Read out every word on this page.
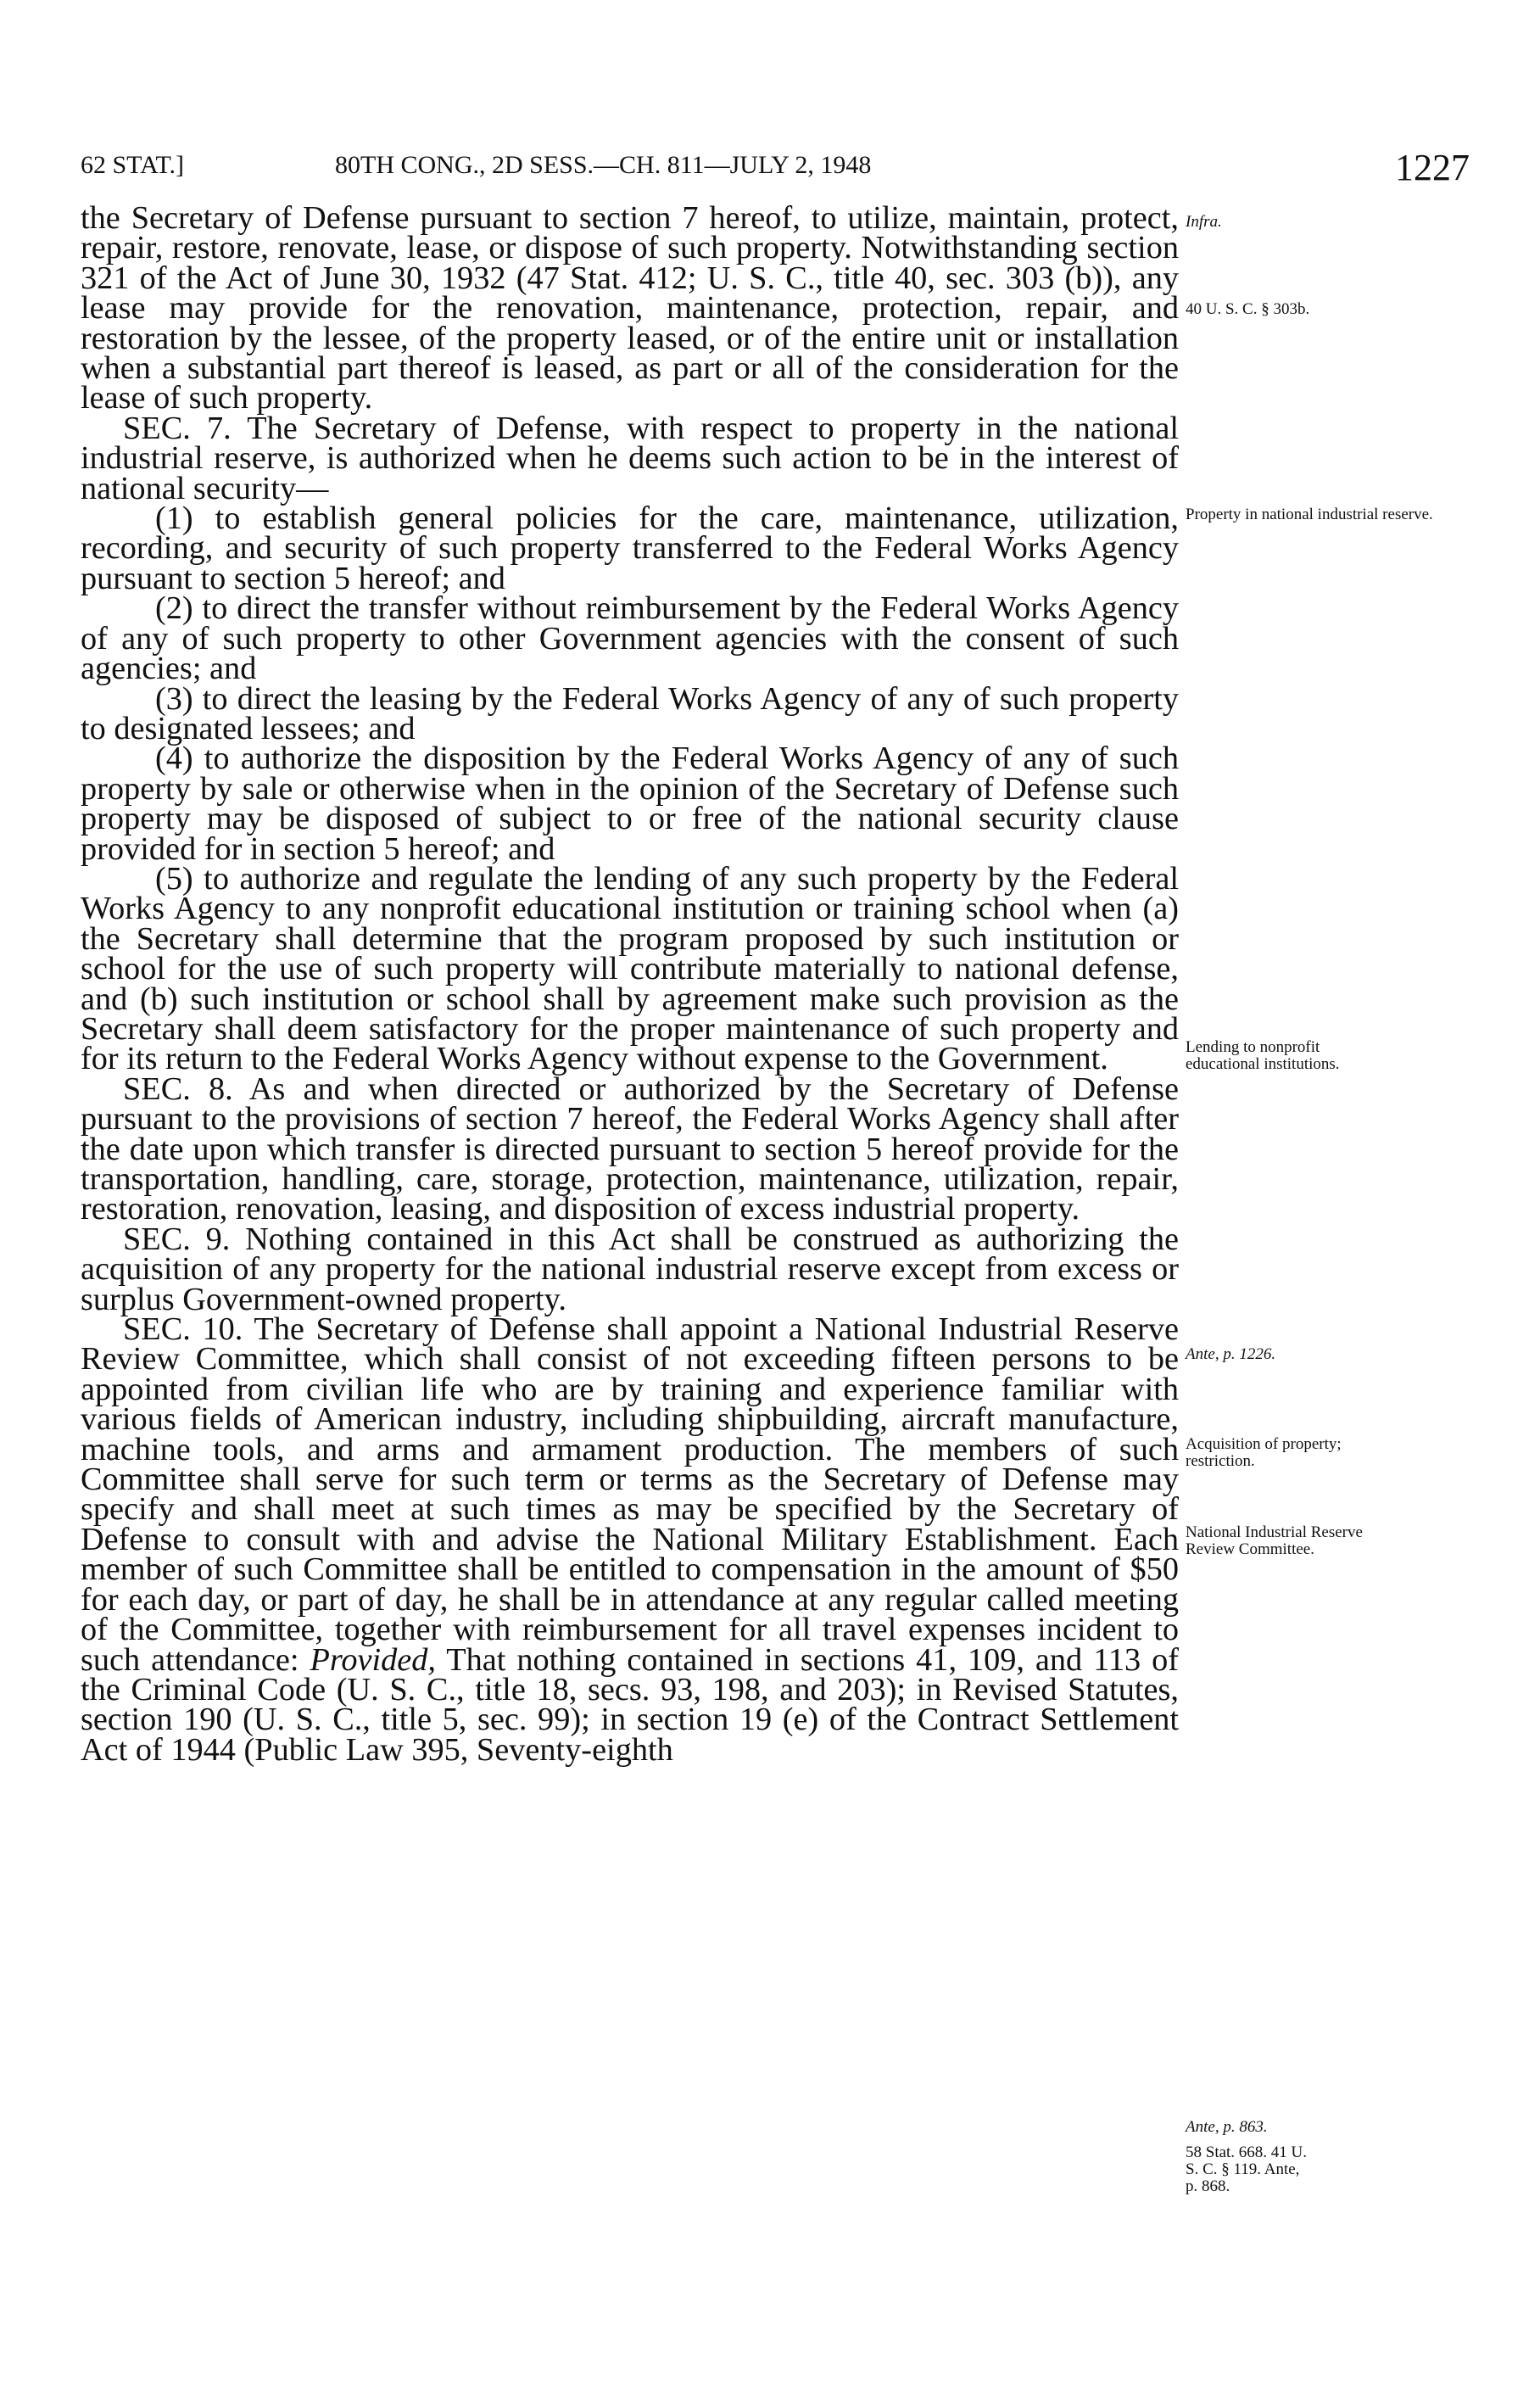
62 STAT.]	80TH CONG., 2D SESS.—CH. 811—JULY 2, 1948	1227

the Secretary of Defense pursuant to section 7 hereof, to utilize, maintain, protect, repair, restore, renovate, lease, or dispose of such property. Notwithstanding section 321 of the Act of June 30, 1932 (47 Stat. 412; U. S. C., title 40, sec. 303 (b)), any lease may provide for the renovation, maintenance, protection, repair, and restoration by the lessee, of the property leased, or of the entire unit or installation when a substantial part thereof is leased, as part or all of the consideration for the lease of such property.

SEC. 7. The Secretary of Defense, with respect to property in the national industrial reserve, is authorized when he deems such action to be in the interest of national security—

(1) to establish general policies for the care, maintenance, utilization, recording, and security of such property transferred to the Federal Works Agency pursuant to section 5 hereof; and

(2) to direct the transfer without reimbursement by the Federal Works Agency of any of such property to other Government agencies with the consent of such agencies; and

(3) to direct the leasing by the Federal Works Agency of any of such property to designated lessees; and

(4) to authorize the disposition by the Federal Works Agency of any of such property by sale or otherwise when in the opinion of the Secretary of Defense such property may be disposed of subject to or free of the national security clause provided for in section 5 hereof; and

(5) to authorize and regulate the lending of any such property by the Federal Works Agency to any nonprofit educational institution or training school when (a) the Secretary shall determine that the program proposed by such institution or school for the use of such property will contribute materially to national defense, and (b) such institution or school shall by agreement make such provision as the Secretary shall deem satisfactory for the proper maintenance of such property and for its return to the Federal Works Agency without expense to the Government.

SEC. 8. As and when directed or authorized by the Secretary of Defense pursuant to the provisions of section 7 hereof, the Federal Works Agency shall after the date upon which transfer is directed pursuant to section 5 hereof provide for the transportation, handling, care, storage, protection, maintenance, utilization, repair, restoration, renovation, leasing, and disposition of excess industrial property.

SEC. 9. Nothing contained in this Act shall be construed as authorizing the acquisition of any property for the national industrial reserve except from excess or surplus Government-owned property.

SEC. 10. The Secretary of Defense shall appoint a National Industrial Reserve Review Committee, which shall consist of not exceeding fifteen persons to be appointed from civilian life who are by training and experience familiar with various fields of American industry, including shipbuilding, aircraft manufacture, machine tools, and arms and armament production. The members of such Committee shall serve for such term or terms as the Secretary of Defense may specify and shall meet at such times as may be specified by the Secretary of Defense to consult with and advise the National Military Establishment. Each member of such Committee shall be entitled to compensation in the amount of $50 for each day, or part of day, he shall be in attendance at any regular called meeting of the Committee, together with reimbursement for all travel expenses incident to such attendance: Provided, That nothing contained in sections 41, 109, and 113 of the Criminal Code (U. S. C., title 18, secs. 93, 198, and 203); in Revised Statutes, section 190 (U. S. C., title 5, sec. 99); in section 19 (e) of the Contract Settlement Act of 1944 (Public Law 395, Seventy-eighth

Infra.
40 U. S. C. § 303b.
Property in national industrial reserve.
Lending to nonprofit educational institutions.
Ante, p. 1226.
Acquisition of property; restriction.
National Industrial Reserve Review Committee.
Ante, p. 863.
58 Stat. 668. 41 U. S. C. § 119. Ante, p. 868.
